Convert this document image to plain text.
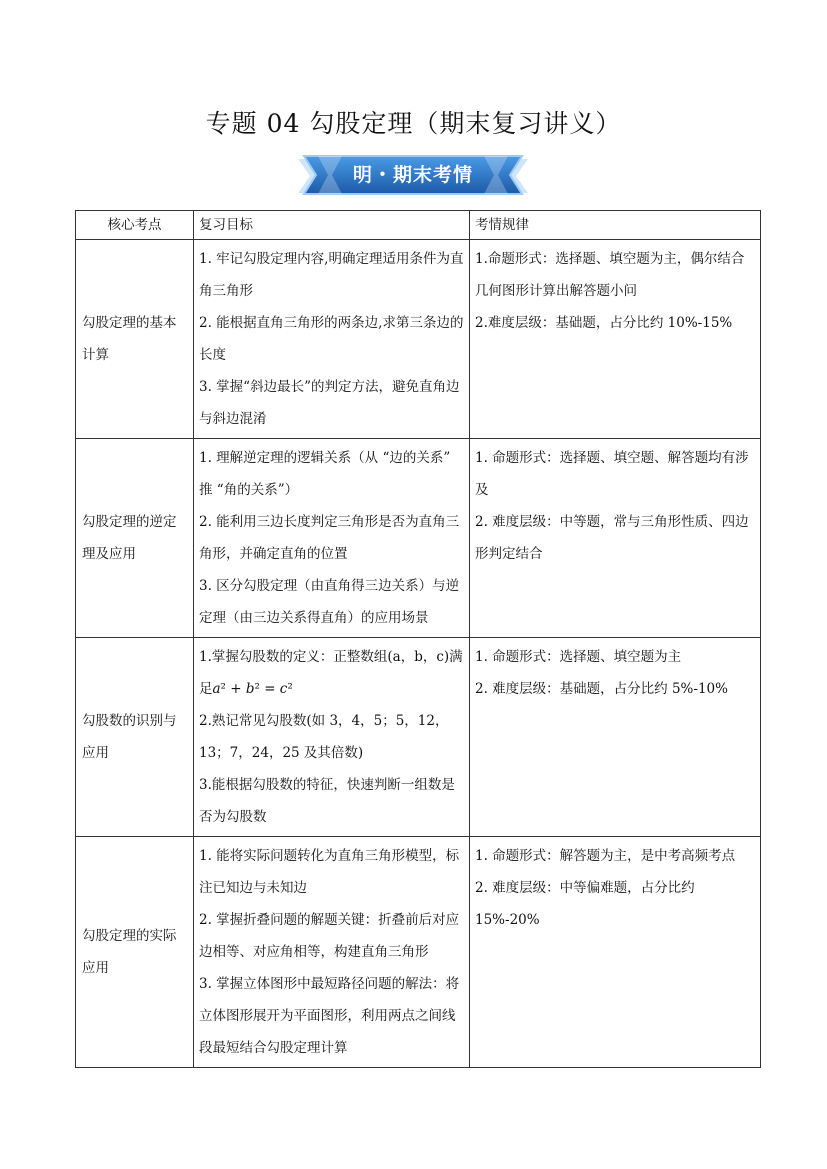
专题 04 勾股定理（期末复习讲义）
明・期末考情
核心考点	复习目标	考情规律
勾股定理的基本计算	1. 牢记勾股定理内容,明确定理适用条件为直角三角形
2. 能根据直角三角形的两条边,求第三条边的长度
3. 掌握“斜边最长”的判定方法，避免直角边与斜边混淆	1.命题形式：选择题、填空题为主，偶尔结合几何图形计算出解答题小问
2.难度层级：基础题，占分比约 10%-15%

勾股定理的逆定理及应用	1. 理解逆定理的逻辑关系（从 “边的关系” 推 “角的关系”）
2. 能利用三边长度判定三角形是否为直角三角形，并确定直角的位置
3. 区分勾股定理（由直角得三边关系）与逆定理（由三边关系得直角）的应用场景	1. 命题形式：选择题、填空题、解答题均有涉及
2. 难度层级：中等题，常与三角形性质、四边形判定结合

勾股数的识别与应用	1.掌握勾股数的定义：正整数组(a，b，c)满足𝑎² + 𝑏² = 𝑐²
2.熟记常见勾股数(如 3，4，5；5，12，13；7，24，25 及其倍数)
3.能根据勾股数的特征，快速判断一组数是否为勾股数	1. 命题形式：选择题、填空题为主
2. 难度层级：基础题，占分比约 5%-10%

勾股定理的实际应用	1. 能将实际问题转化为直角三角形模型，标注已知边与未知边
2. 掌握折叠问题的解题关键：折叠前后对应边相等、对应角相等，构建直角三角形
3. 掌握立体图形中最短路径问题的解法：将立体图形展开为平面图形，利用两点之间线段最短结合勾股定理计算	1. 命题形式：解答题为主，是中考高频考点
2. 难度层级：中等偏难题，占分比约 15%-20%
